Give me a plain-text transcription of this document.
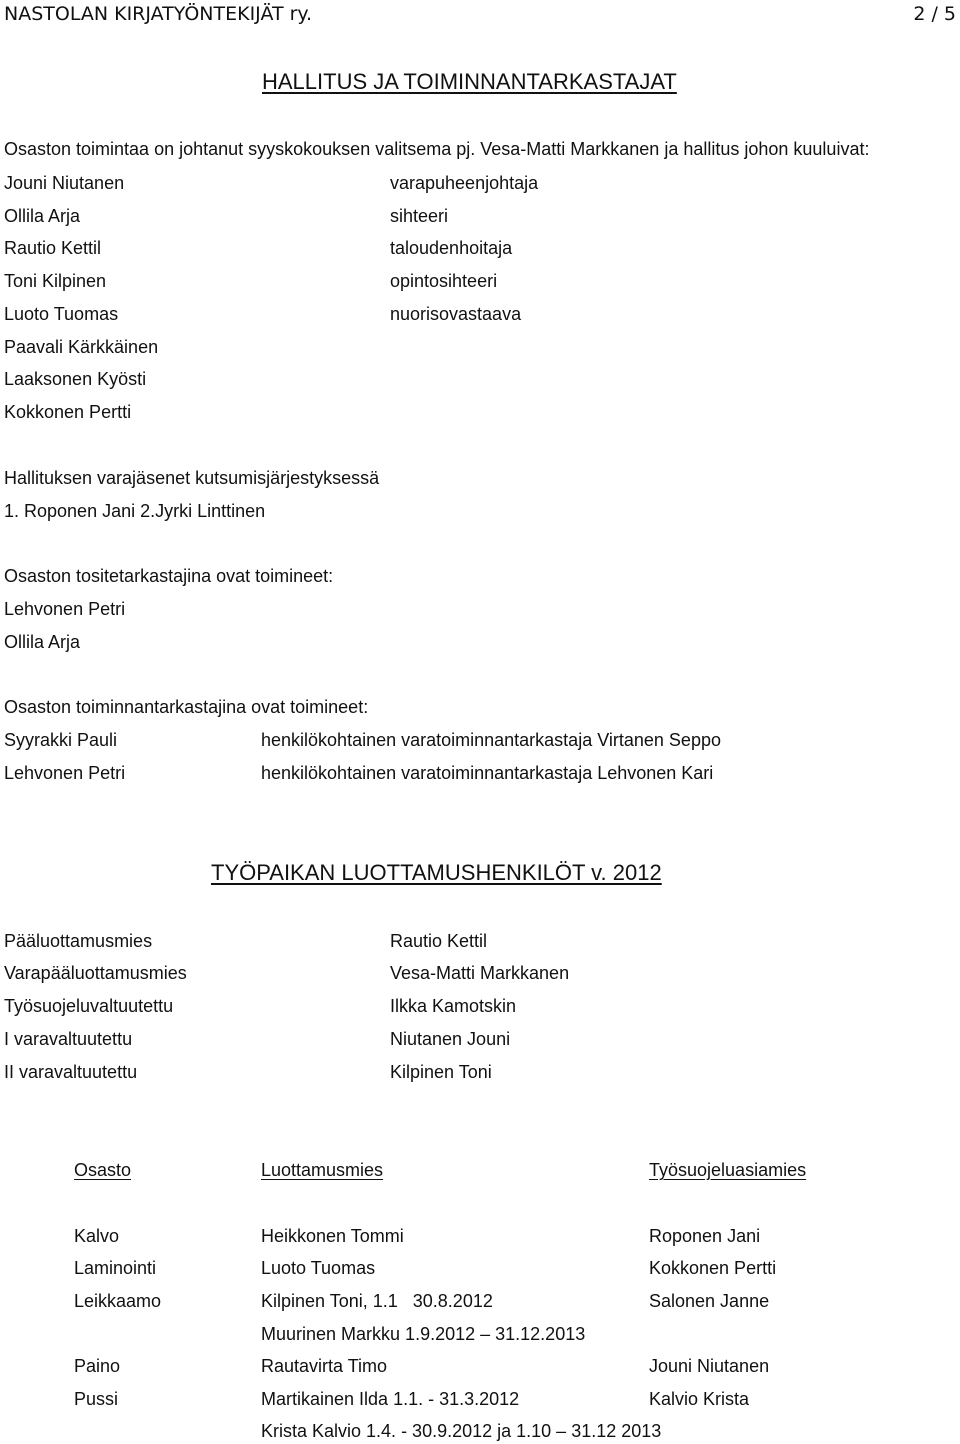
NASTOLAN KIRJATYÖNTEKIJÄT ry.	2 / 5
HALLITUS JA TOIMINNANTARKASTAJAT
Osaston toimintaa on johtanut syyskokouksen valitsema pj. Vesa-Matti Markkanen ja hallitus johon kuuluivat:
Jouni Niutanen	varapuheenjohtaja
Ollila Arja	sihteeri
Rautio Kettil	taloudenhoitaja
Toni Kilpinen	opintosihteeri
Luoto Tuomas	nuorisovastaava
Paavali Kärkkäinen
Laaksonen Kyösti
Kokkonen Pertti
Hallituksen varajäsenet kutsumisjärjestyksessä
1. Roponen Jani 2.Jyrki Linttinen
Osaston tositetarkastajina ovat toimineet:
Lehvonen Petri
Ollila Arja
Osaston toiminnantarkastajina ovat toimineet:
Syyrakki Pauli	henkilökohtainen varatoiminnantarkastaja Virtanen Seppo
Lehvonen Petri	henkilökohtainen varatoiminnantarkastaja Lehvonen Kari
TYÖPAIKAN LUOTTAMUSHENKILÖT v. 2012
Pääluottamusmies	Rautio Kettil
Varapääluottamusmies	Vesa-Matti Markkanen
Työsuojeluvaltuutettu	Ilkka Kamotskin
I varavaltuutettu	Niutanen Jouni
II varavaltuutettu	Kilpinen Toni
Osasto	Luottamusmies	Työsuojeluasiamies
Kalvo	Heikkonen Tommi	Roponen Jani
Laminointi	Luoto Tuomas	Kokkonen Pertti
Leikkaamo	Kilpinen Toni, 1.1   30.8.2012	Salonen Janne
Muurinen Markku 1.9.2012 – 31.12.2013
Paino	Rautavirta Timo	Jouni Niutanen
Pussi	Martikainen Ilda 1.1. - 31.3.2012	Kalvio Krista
Krista Kalvio 1.4. - 30.9.2012 ja 1.10 – 31.12 2013
